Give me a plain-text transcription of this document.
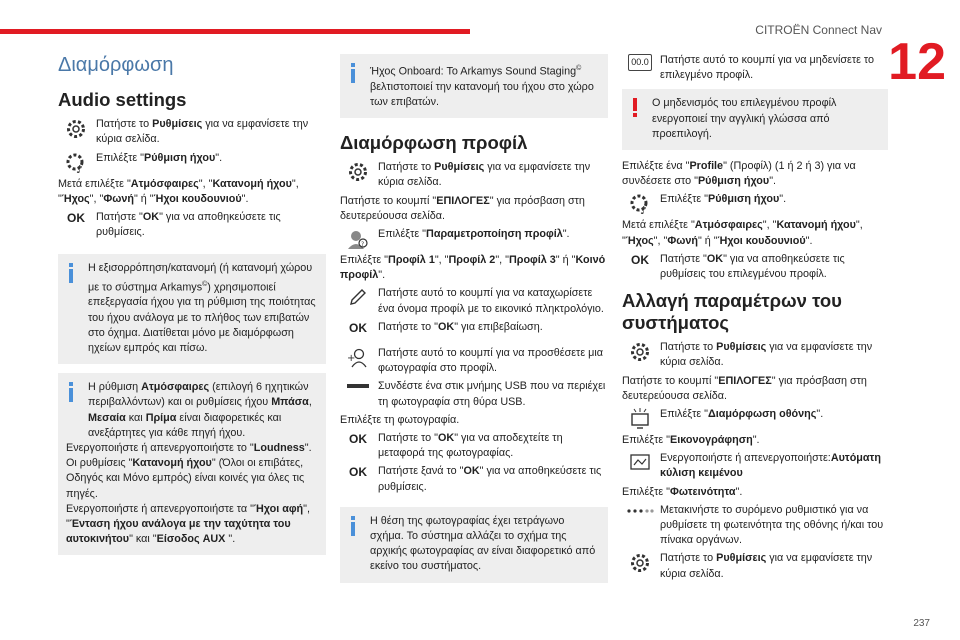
CITROËN Connect Nav
12
237
Διαμόρφωση
Audio settings
Πατήστε το Ρυθμίσεις για να εμφανίσετε την κύρια σελίδα.
♪
Επιλέξτε "Ρύθμιση ήχου".
Μετά επιλέξτε "Ατμόσφαιρες", "Κατανομή ήχου", "Ήχος", "Φωνή" ή "Ήχοι κουδουνιού".
OK Πατήστε "OK" για να αποθηκεύσετε τις ρυθμίσεις.
Η εξισορρόπηση/κατανομή (ή κατανομή χώρου με το σύστημα Arkamys©) χρησιμοποιεί επεξεργασία ήχου για τη ρύθμιση της ποιότητας του ήχου ανάλογα με το πλήθος των επιβατών στο όχημα. Διατίθεται μόνο με διαμόρφωση ηχείων εμπρός και πίσω.
Η ρύθμιση Ατμόσφαιρες (επιλογή 6 ηχητικών περιβαλλόντων) και οι ρυθμίσεις ήχου Μπάσα, Μεσαία και Πρίμα είναι διαφορετικές και ανεξάρτητες για κάθε πηγή ήχου.
Ενεργοποιήστε ή απενεργοποιήστε το "Loudness".
Οι ρυθμίσεις "Κατανομή ήχου" (Όλοι οι επιβάτες, Οδηγός και Μόνο εμπρός) είναι κοινές για όλες τις πηγές.
Ενεργοποιήστε ή απενεργοποιήστε τα "Ήχοι αφή", "Ένταση ήχου ανάλογα με την ταχύτητα του αυτοκινήτου" και "Είσοδος AUX ".
Ήχος Onboard: To Arkamys Sound Staging© βελτιστοποιεί την κατανομή του ήχου στο χώρο των επιβατών.
Διαμόρφωση προφίλ
Πατήστε το Ρυθμίσεις για να εμφανίσετε την κύρια σελίδα.
Πατήστε το κουμπί "ΕΠΙΛΟΓΕΣ" για πρόσβαση στη δευτερεύουσα σελίδα.
?
Επιλέξτε "Παραμετροποίηση προφίλ".
Επιλέξτε "Προφίλ 1", "Προφίλ 2", "Προφίλ 3" ή "Κοινό προφίλ".
Πατήστε αυτό το κουμπί για να καταχωρίσετε ένα όνομα προφίλ με το εικονικό πληκτρολόγιο.
OK Πατήστε το "OK" για επιβεβαίωση.
+ Πατήστε αυτό το κουμπί για να προσθέσετε μια φωτογραφία στο προφίλ.
Συνδέστε ένα στικ μνήμης USB που να περιέχει τη φωτογραφία στη θύρα USB.
Επιλέξτε τη φωτογραφία.
OK Πατήστε το "OK" για να αποδεχτείτε τη μεταφορά της φωτογραφίας.
OK Πατήστε ξανά το "OK" για να αποθηκεύσετε τις ρυθμίσεις.
Η θέση της φωτογραφίας έχει τετράγωνο σχήμα. Το σύστημα αλλάζει το σχήμα της αρχικής φωτογραφίας αν είναι διαφορετικό από εκείνο του συστήματος.
00.0 Πατήστε αυτό το κουμπί για να μηδενίσετε το επιλεγμένο προφίλ.
Ο μηδενισμός του επιλεγμένου προφίλ ενεργοποιεί την αγγλική γλώσσα από προεπιλογή.
Επιλέξτε ένα "Profile" (Προφίλ) (1 ή 2 ή 3) για να συνδέσετε στο "Ρύθμιση ήχου".
♪
Επιλέξτε "Ρύθμιση ήχου".
Μετά επιλέξτε "Ατμόσφαιρες", "Κατανομή ήχου", "Ήχος", "Φωνή" ή "Ήχοι κουδουνιού".
OK Πατήστε "OK" για να αποθηκεύσετε τις ρυθμίσεις του επιλεγμένου προφίλ.
Αλλαγή παραμέτρων του συστήματος
Πατήστε το Ρυθμίσεις για να εμφανίσετε την κύρια σελίδα.
Πατήστε το κουμπί "ΕΠΙΛΟΓΕΣ" για πρόσβαση στη δευτερεύουσα σελίδα.
Επιλέξτε "Διαμόρφωση οθόνης".
Επιλέξτε "Εικονογράφηση".
Ενεργοποιήστε ή απενεργοποιήστε:Αυτόματη κύλιση κειμένου
Επιλέξτε "Φωτεινότητα".
Μετακινήστε το συρόμενο ρυθμιστικό για να ρυθμίσετε τη φωτεινότητα της οθόνης ή/και του πίνακα οργάνων.
Πατήστε το Ρυθμίσεις για να εμφανίσετε την κύρια σελίδα.
